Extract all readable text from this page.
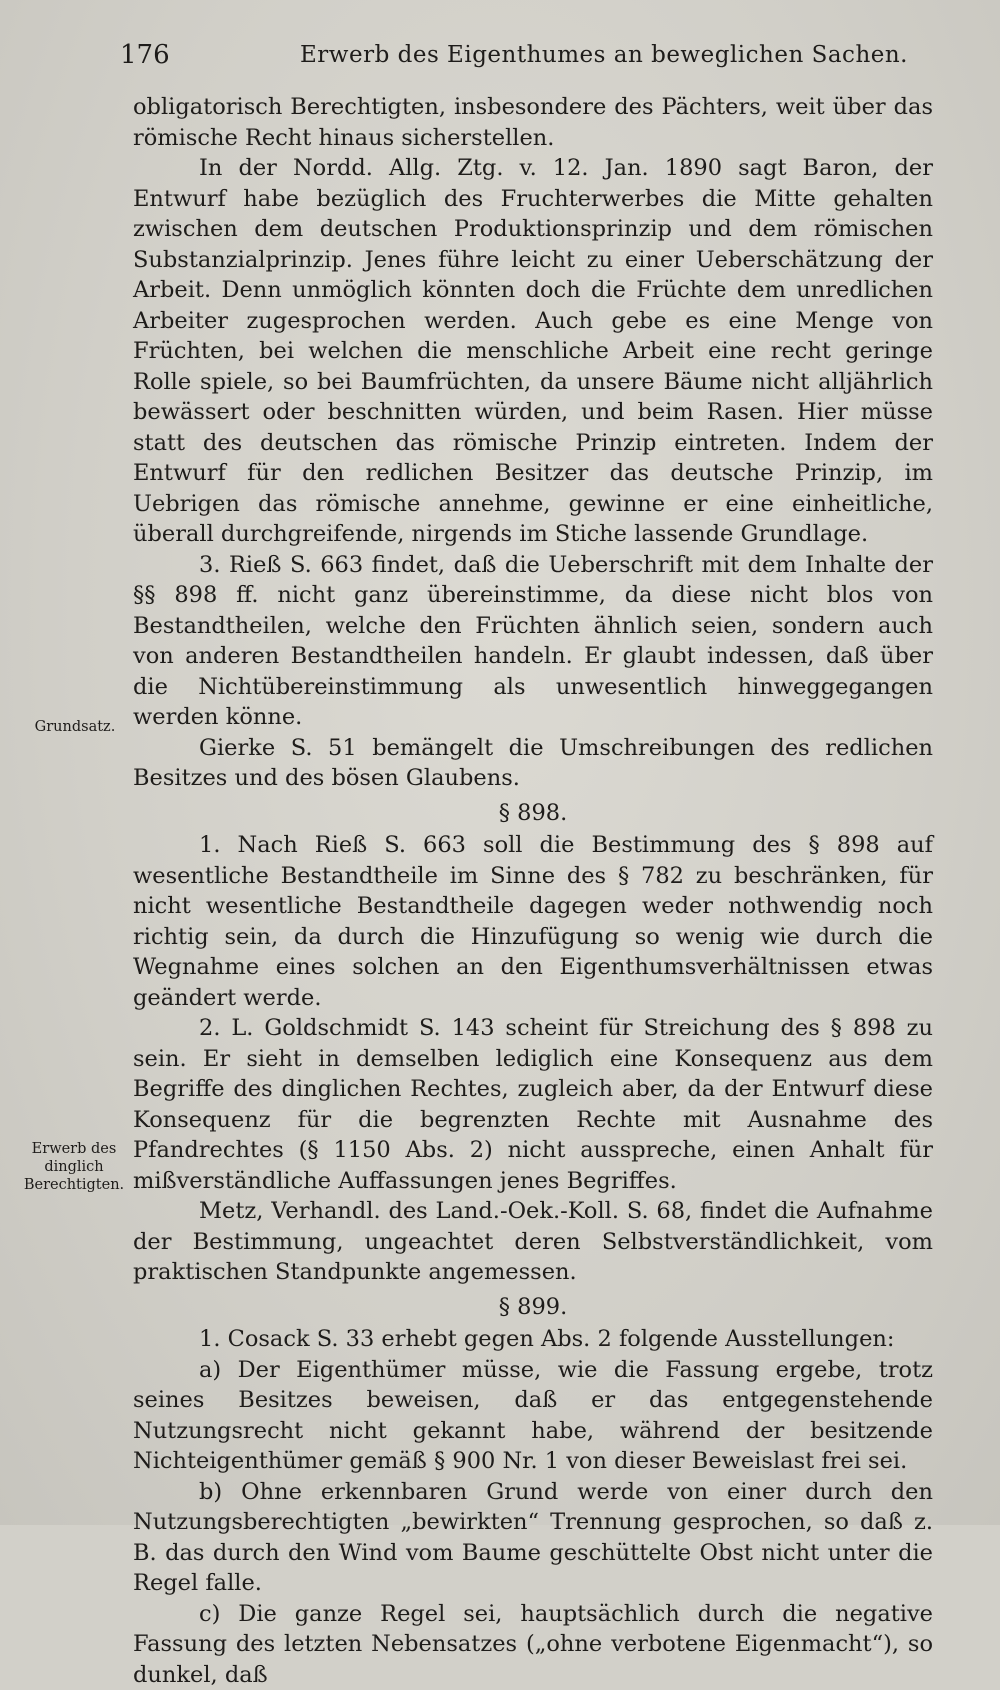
176	Erwerb des Eigenthumes an beweglichen Sachen.
Grundsatz.
Erwerb des dinglich Berechtigten.

obligatorisch Berechtigten, insbesondere des Pächters, weit über das römische Recht hinaus sicherstellen.

In der Nordd. Allg. Ztg. v. 12. Jan. 1890 sagt Baron, der Entwurf habe bezüglich des Fruchterwerbes die Mitte gehalten zwischen dem deutschen Produktionsprinzip und dem römischen Substanzialprinzip. Jenes führe leicht zu einer Ueberschätzung der Arbeit. Denn unmöglich könnten doch die Früchte dem unredlichen Arbeiter zugesprochen werden. Auch gebe es eine Menge von Früchten, bei welchen die menschliche Arbeit eine recht geringe Rolle spiele, so bei Baumfrüchten, da unsere Bäume nicht alljährlich bewässert oder beschnitten würden, und beim Rasen. Hier müsse statt des deutschen das römische Prinzip eintreten. Indem der Entwurf für den redlichen Besitzer das deutsche Prinzip, im Uebrigen das römische annehme, gewinne er eine einheitliche, überall durchgreifende, nirgends im Stiche lassende Grundlage.

3. Rieß S. 663 findet, daß die Ueberschrift mit dem Inhalte der §§ 898 ff. nicht ganz übereinstimme, da diese nicht blos von Bestandtheilen, welche den Früchten ähnlich seien, sondern auch von anderen Bestandtheilen handeln. Er glaubt indessen, daß über die Nichtübereinstimmung als unwesentlich hinweggegangen werden könne.

Gierke S. 51 bemängelt die Umschreibungen des redlichen Besitzes und des bösen Glaubens.

§ 898.

1. Nach Rieß S. 663 soll die Bestimmung des § 898 auf wesentliche Bestandtheile im Sinne des § 782 zu beschränken, für nicht wesentliche Bestandtheile dagegen weder nothwendig noch richtig sein, da durch die Hinzufügung so wenig wie durch die Wegnahme eines solchen an den Eigenthumsverhältnissen etwas geändert werde.

2. L. Goldschmidt S. 143 scheint für Streichung des § 898 zu sein. Er sieht in demselben lediglich eine Konsequenz aus dem Begriffe des dinglichen Rechtes, zugleich aber, da der Entwurf diese Konsequenz für die begrenzten Rechte mit Ausnahme des Pfandrechtes (§ 1150 Abs. 2) nicht ausspreche, einen Anhalt für mißverständliche Auffassungen jenes Begriffes.

Metz, Verhandl. des Land.-Oek.-Koll. S. 68, findet die Aufnahme der Bestimmung, ungeachtet deren Selbstverständlichkeit, vom praktischen Standpunkte angemessen.

§ 899.

1. Cosack S. 33 erhebt gegen Abs. 2 folgende Ausstellungen:

a) Der Eigenthümer müsse, wie die Fassung ergebe, trotz seines Besitzes beweisen, daß er das entgegenstehende Nutzungsrecht nicht gekannt habe, während der besitzende Nichteigenthümer gemäß § 900 Nr. 1 von dieser Beweislast frei sei.

b) Ohne erkennbaren Grund werde von einer durch den Nutzungsberechtigten „bewirkten“ Trennung gesprochen, so daß z. B. das durch den Wind vom Baume geschüttelte Obst nicht unter die Regel falle.

c) Die ganze Regel sei, hauptsächlich durch die negative Fassung des letzten Nebensatzes („ohne verbotene Eigenmacht“), so dunkel, daß
